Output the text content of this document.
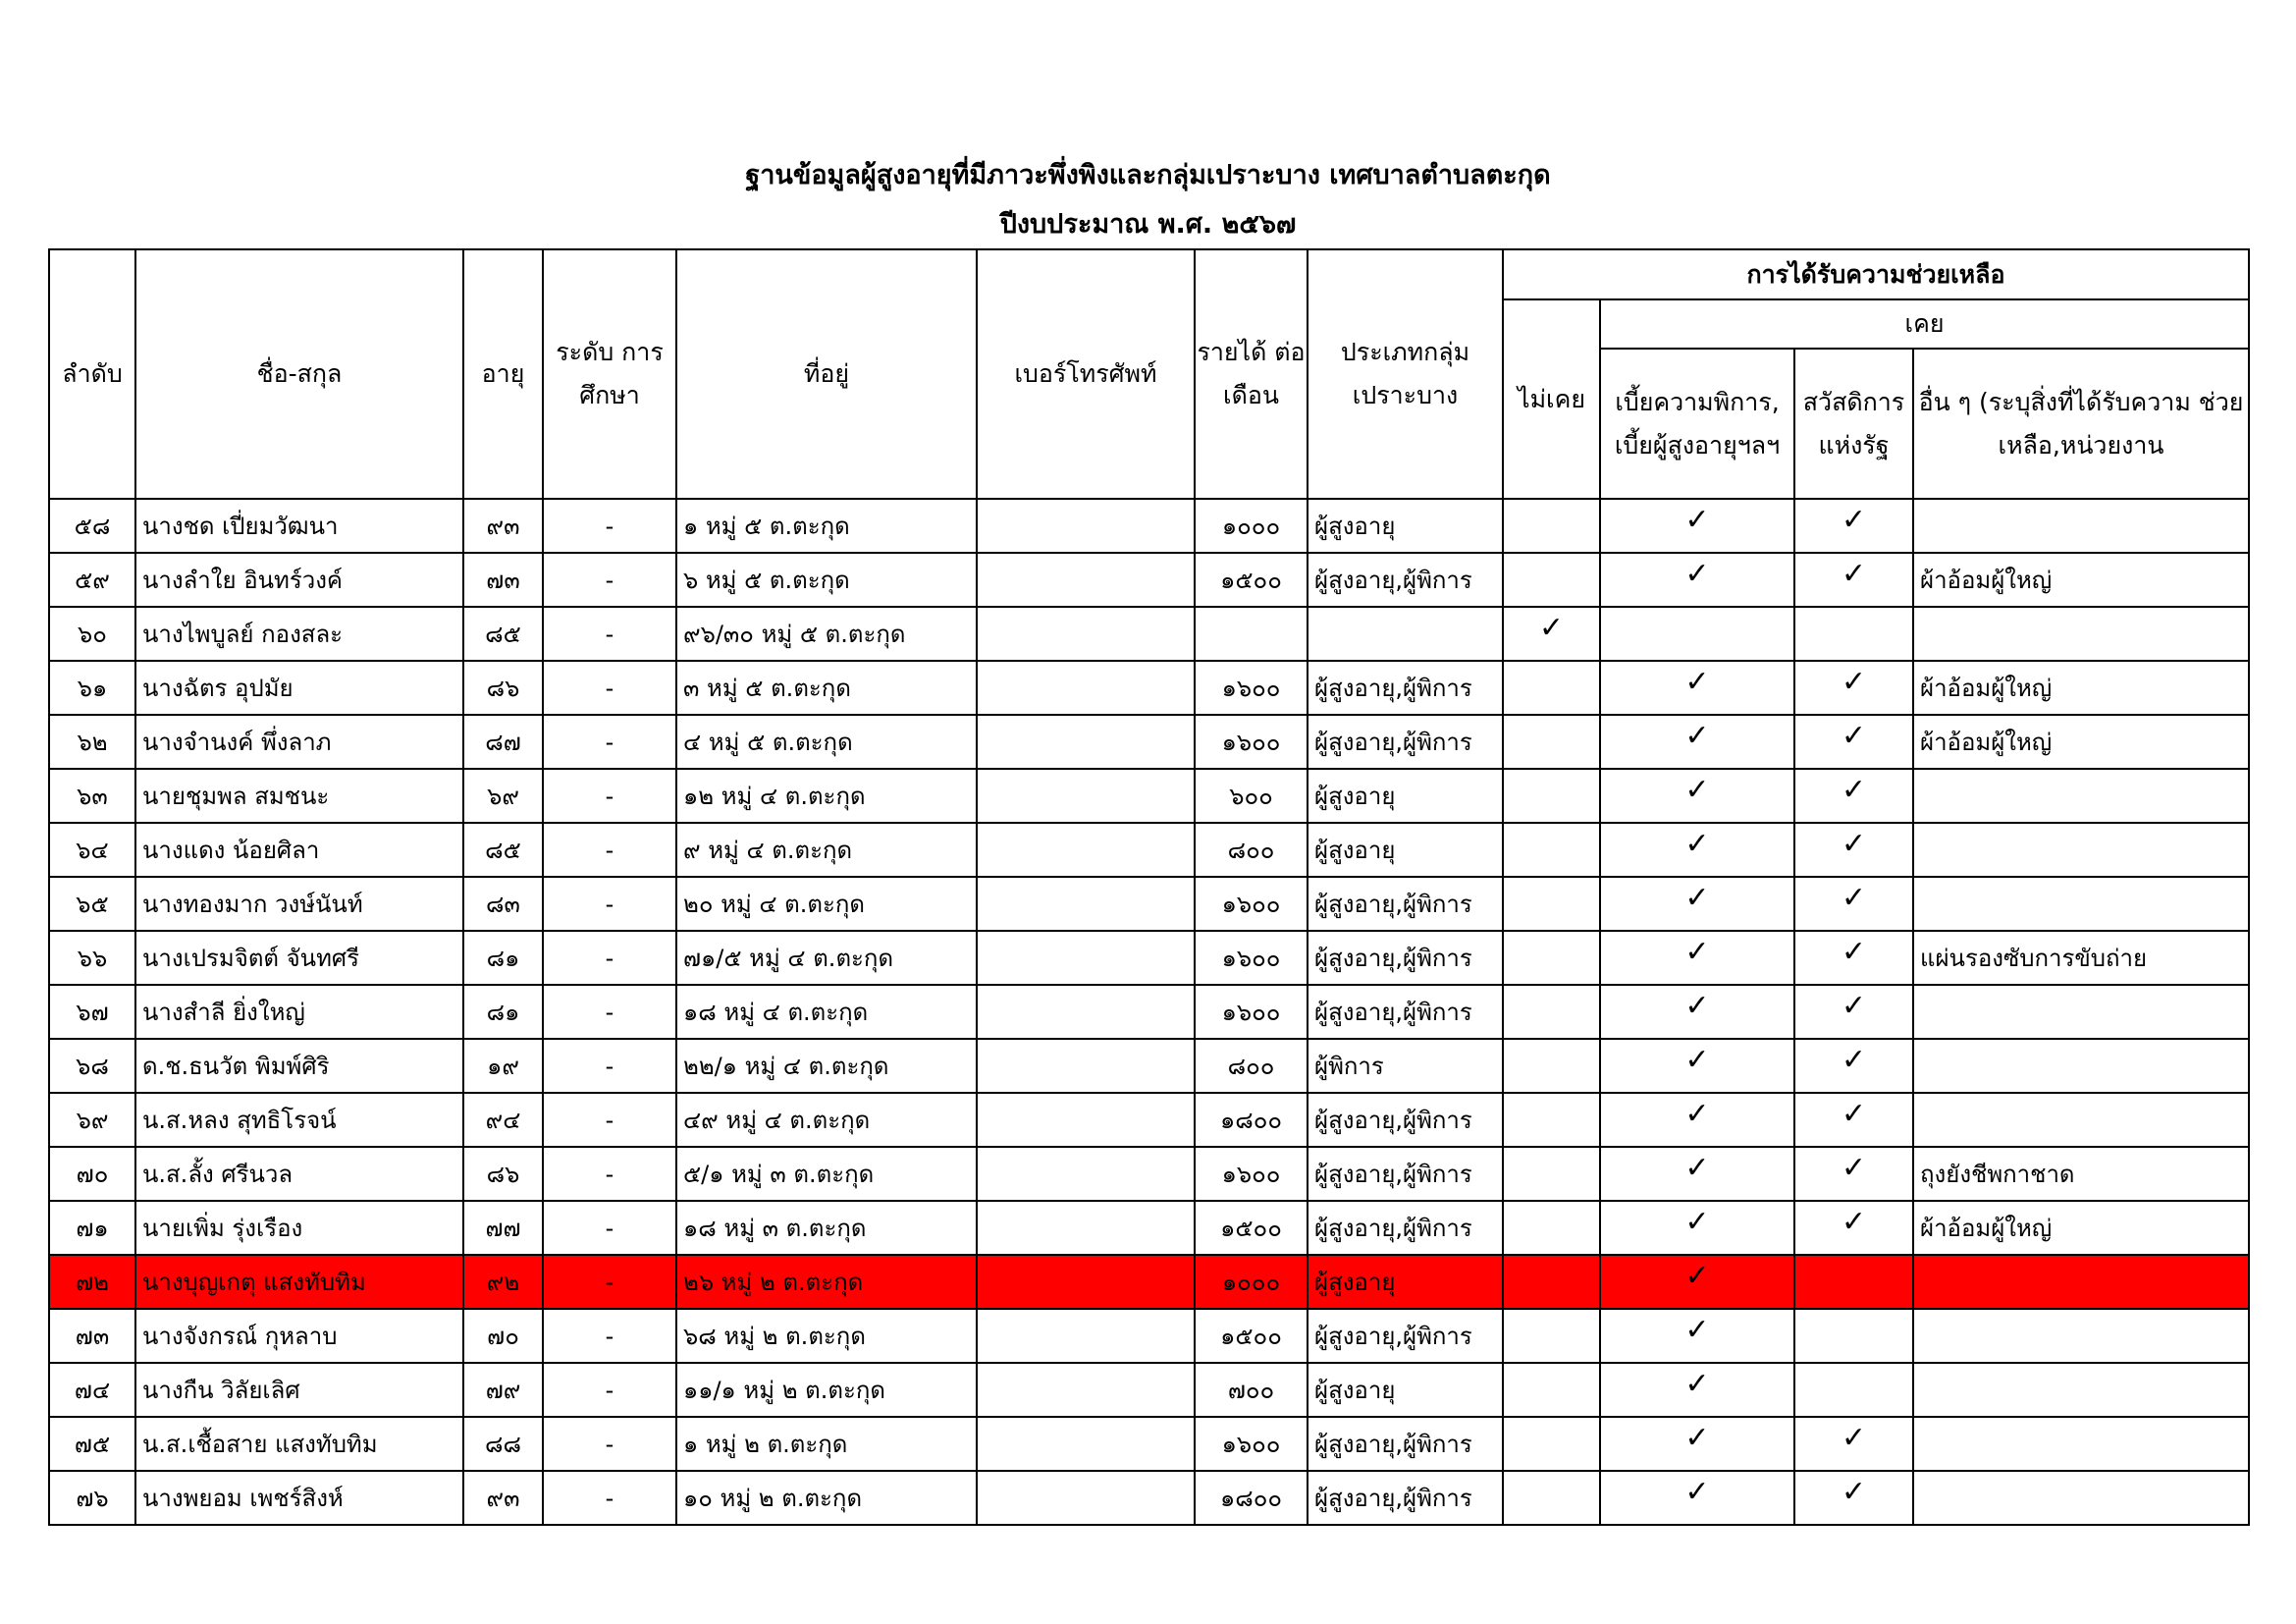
ฐานข้อมูลผู้สูงอายุที่มีภาวะพึ่งพิงและกลุ่มเปราะบาง เทศบาลตำบลตะกุด
ปีงบประมาณ พ.ศ. ๒๕๖๗
ลำดับ	ชื่อ-สกุล	อายุ	ระดับ การศึกษา	ที่อยู่	เบอร์โทรศัพท์	รายได้ ต่อเดือน	ประเภทกลุ่ม เปราะบาง	การได้รับความช่วยเหลือ			
								ไม่เคย	เคย		
									เบี้ยความพิการ, เบี้ยผู้สูงอายุฯลฯ	สวัสดิการ แห่งรัฐ	อื่น ๆ (ระบุสิ่งที่ได้รับความ ช่วยเหลือ,หน่วยงาน
๕๘	นางชด เปี่ยมวัฒนา	๙๓	-	๑ หมู่ ๕ ต.ตะกุด		๑๐๐๐	ผู้สูงอายุ		✓	✓	
๕๙	นางลำใย อินทร์วงค์	๗๓	-	๖ หมู่ ๕ ต.ตะกุด		๑๕๐๐	ผู้สูงอายุ,ผู้พิการ		✓	✓	ผ้าอ้อมผู้ใหญ่
๖๐	นางไพบูลย์ กองสละ	๘๕	-	๙๖/๓๐ หมู่ ๕ ต.ตะกุด				✓			
๖๑	นางฉัตร อุปมัย	๘๖	-	๓ หมู่ ๕ ต.ตะกุด		๑๖๐๐	ผู้สูงอายุ,ผู้พิการ		✓	✓	ผ้าอ้อมผู้ใหญ่
๖๒	นางจำนงค์ พึ่งลาภ	๘๗	-	๔ หมู่ ๕ ต.ตะกุด		๑๖๐๐	ผู้สูงอายุ,ผู้พิการ		✓	✓	ผ้าอ้อมผู้ใหญ่
๖๓	นายชุมพล สมชนะ	๖๙	-	๑๒ หมู่ ๔ ต.ตะกุด		๖๐๐	ผู้สูงอายุ		✓	✓	
๖๔	นางแดง น้อยศิลา	๘๕	-	๙ หมู่ ๔ ต.ตะกุด		๘๐๐	ผู้สูงอายุ		✓	✓	
๖๕	นางทองมาก วงษ์นันท์	๘๓	-	๒๐ หมู่ ๔ ต.ตะกุด		๑๖๐๐	ผู้สูงอายุ,ผู้พิการ		✓	✓	
๖๖	นางเปรมจิตต์ จันทศรี	๘๑	-	๗๑/๕ หมู่ ๔ ต.ตะกุด		๑๖๐๐	ผู้สูงอายุ,ผู้พิการ		✓	✓	แผ่นรองซับการขับถ่าย
๖๗	นางสำลี ยิ่งใหญ่	๘๑	-	๑๘ หมู่ ๔ ต.ตะกุด		๑๖๐๐	ผู้สูงอายุ,ผู้พิการ		✓	✓	
๖๘	ด.ช.ธนวัต พิมพ์ศิริ	๑๙	-	๒๒/๑ หมู่ ๔ ต.ตะกุด		๘๐๐	ผู้พิการ		✓	✓	
๖๙	น.ส.หลง สุทธิโรจน์	๙๔	-	๔๙ หมู่ ๔ ต.ตะกุด		๑๘๐๐	ผู้สูงอายุ,ผู้พิการ		✓	✓	
๗๐	น.ส.ลั้ง ศรีนวล	๘๖	-	๕/๑ หมู่ ๓ ต.ตะกุด		๑๖๐๐	ผู้สูงอายุ,ผู้พิการ		✓	✓	ถุงยังชีพกาชาด
๗๑	นายเพิ่ม รุ่งเรือง	๗๗	-	๑๘ หมู่ ๓ ต.ตะกุด		๑๕๐๐	ผู้สูงอายุ,ผู้พิการ		✓	✓	ผ้าอ้อมผู้ใหญ่
๗๒	นางบุญเกตุ แสงทับทิม	๙๒	-	๒๖ หมู่ ๒ ต.ตะกุด		๑๐๐๐	ผู้สูงอายุ		✓		
๗๓	นางจังกรณ์ กุหลาบ	๗๐	-	๖๘ หมู่ ๒ ต.ตะกุด		๑๕๐๐	ผู้สูงอายุ,ผู้พิการ		✓		
๗๔	นางกืน วิลัยเลิศ	๗๙	-	๑๑/๑ หมู่ ๒ ต.ตะกุด		๗๐๐	ผู้สูงอายุ		✓		
๗๕	น.ส.เชื้อสาย แสงทับทิม	๘๘	-	๑ หมู่ ๒ ต.ตะกุด		๑๖๐๐	ผู้สูงอายุ,ผู้พิการ		✓	✓	
๗๖	นางพยอม เพชร์สิงห์	๙๓	-	๑๐ หมู่ ๒ ต.ตะกุด		๑๘๐๐	ผู้สูงอายุ,ผู้พิการ		✓	✓	
